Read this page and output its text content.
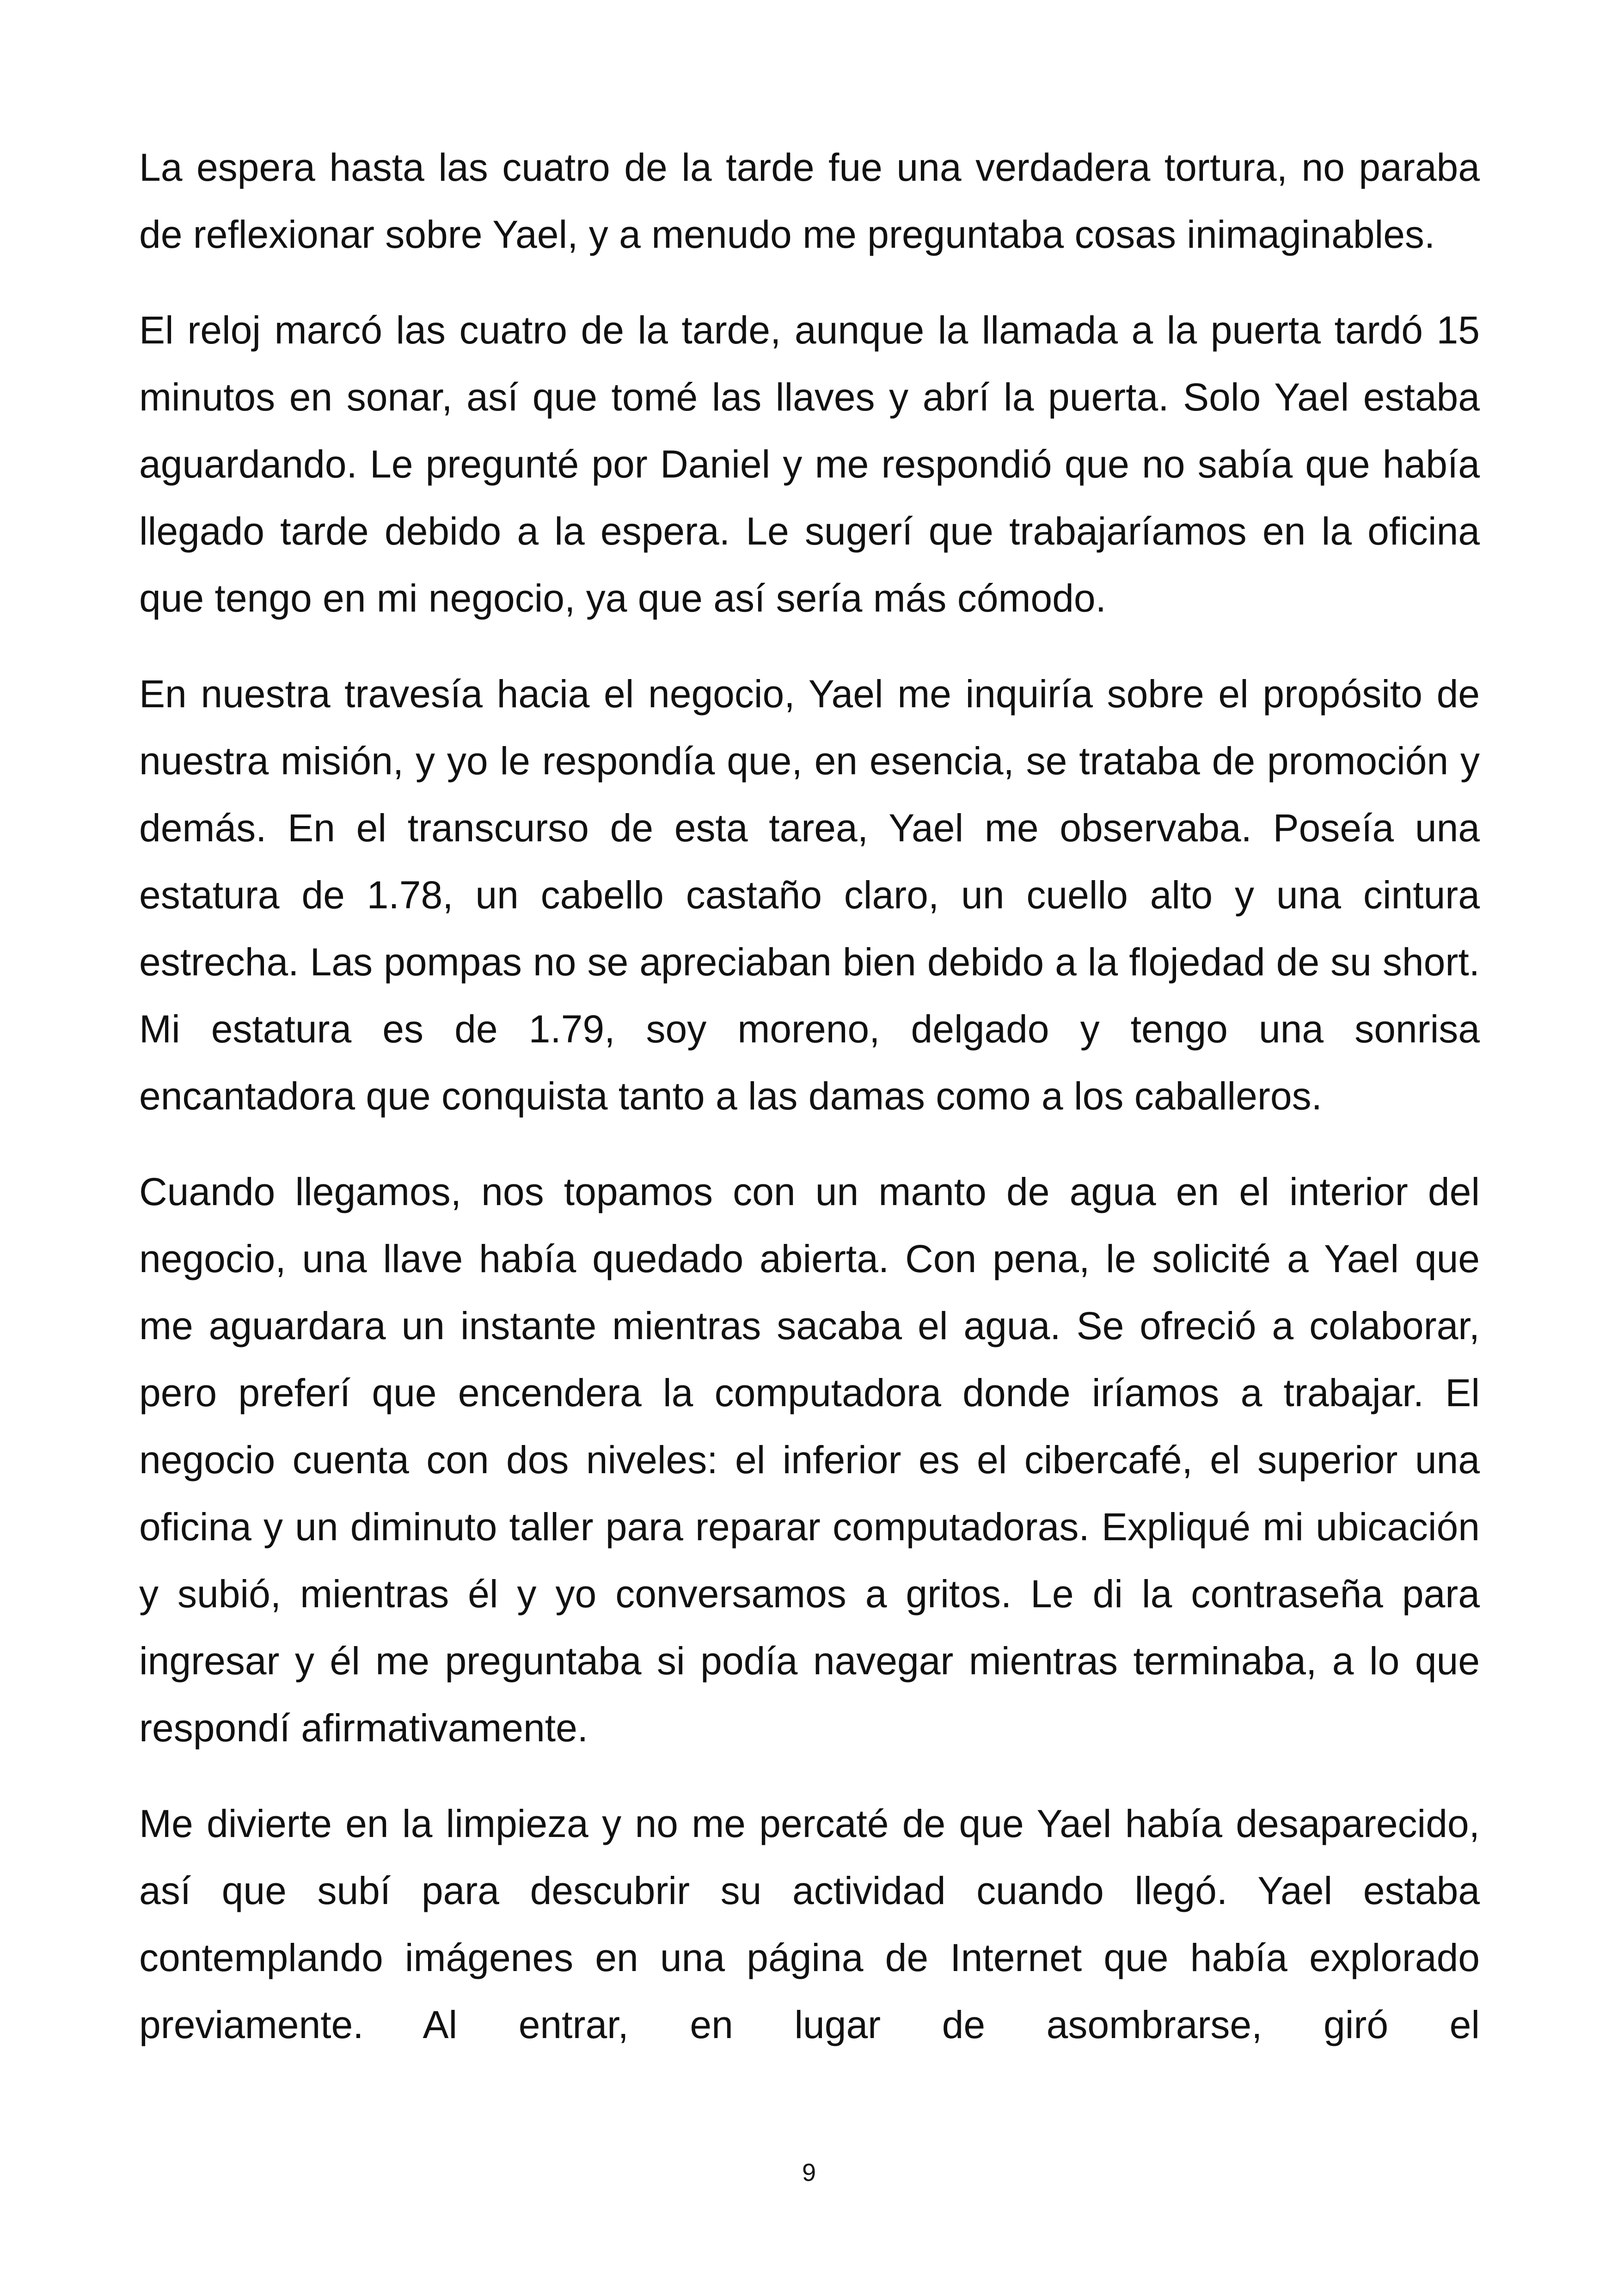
La espera hasta las cuatro de la tarde fue una verdadera tortura, no paraba de reflexionar sobre Yael, y a menudo me preguntaba cosas inimaginables.

El reloj marcó las cuatro de la tarde, aunque la llamada a la puerta tardó 15 minutos en sonar, así que tomé las llaves y abrí la puerta. Solo Yael estaba aguardando. Le pregunté por Daniel y me respondió que no sabía que había llegado tarde debido a la espera. Le sugerí que trabajaríamos en la oficina que tengo en mi negocio, ya que así sería más cómodo.

En nuestra travesía hacia el negocio, Yael me inquiría sobre el propósito de nuestra misión, y yo le respondía que, en esencia, se trataba de promoción y demás. En el transcurso de esta tarea, Yael me observaba. Poseía una estatura de 1.78, un cabello castaño claro, un cuello alto y una cintura estrecha. Las pompas no se apreciaban bien debido a la flojedad de su short. Mi estatura es de 1.79, soy moreno, delgado y tengo una sonrisa encantadora que conquista tanto a las damas como a los caballeros.

Cuando llegamos, nos topamos con un manto de agua en el interior del negocio, una llave había quedado abierta. Con pena, le solicité a Yael que me aguardara un instante mientras sacaba el agua. Se ofreció a colaborar, pero preferí que encendera la computadora donde iríamos a trabajar. El negocio cuenta con dos niveles: el inferior es el cibercafé, el superior una oficina y un diminuto taller para reparar computadoras. Expliqué mi ubicación y subió, mientras él y yo conversamos a gritos. Le di la contraseña para ingresar y él me preguntaba si podía navegar mientras terminaba, a lo que respondí afirmativamente.

Me divierte en la limpieza y no me percaté de que Yael había desaparecido, así que subí para descubrir su actividad cuando llegó. Yael estaba contemplando imágenes en una página de Internet que había explorado previamente. Al entrar, en lugar de asombrarse, giró el

9
